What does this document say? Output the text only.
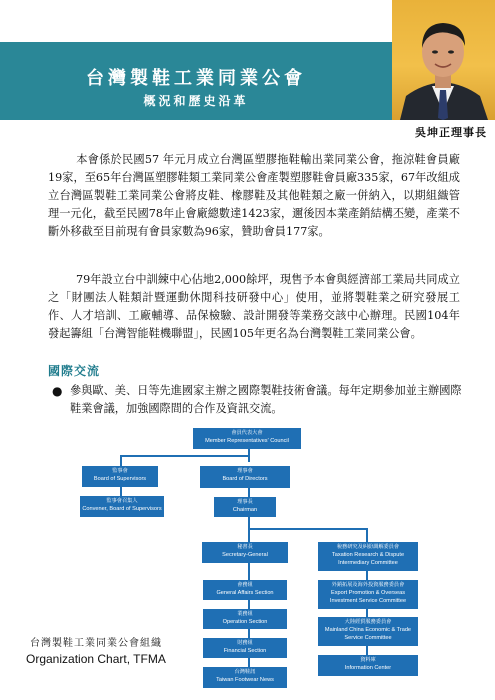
台灣製鞋工業同業公會
概況和歷史沿革
吳坤正理事長
本會係於民國57 年元月成立台灣區塑膠拖鞋輸出業同業公會，拖涼鞋會員廠19家，至65年台灣區塑膠鞋類工業同業公會產製塑膠鞋會員廠335家，67年改組成立台灣區製鞋工業同業公會將皮鞋、橡膠鞋及其他鞋類之廠一併納入，以期組織管理一元化，截至民國78年止會廠總數達1423家，邇後因本業產銷結構丕變，產業不斷外移截至目前現有會員家數為96家，贊助會員177家。
79年設立台中訓練中心佔地2,000餘坪，現售予本會與經濟部工業局共同成立之「財團法人鞋類計暨運動休閒科技研發中心」使用，並將製鞋業之研究發展工作、人才培訓、工廠輔導、品保檢驗、設計開發等業務交該中心辦理。民國104年發起籌組「台灣智能鞋機聯盟」，民國105年更名為台灣製鞋工業同業公會。
國際交流
● 參與歐、美、日等先進國家主辦之國際製鞋技術會議。每年定期參加並主辦國際鞋業會議，加強國際間的合作及資訊交流。
會員代表大會
Member Representatives' Council
監事會
Board of Supervisors
監事會召集人
Convener, Board of Supervisors
理事會
Board of Directors
理事長
Chairman
秘書長
Secretary-General
會務組
General Affairs Section
業務組
Operation Section
財務組
Financial Section
台灣鞋訊
Taiwan Footwear News
稅務研究及糾紛調解委員會
Taxation Research & Dispute Intermediary Committee
外銷拓展及海外投資服務委員會
Export Promotion & Overseas Investment Service Committee
大陸經貿服務委員會
Mainland China Economic & Trade Service Committee
資料庫
Information Center
台灣製鞋工業同業公會組織
Organization Chart, TFMA
